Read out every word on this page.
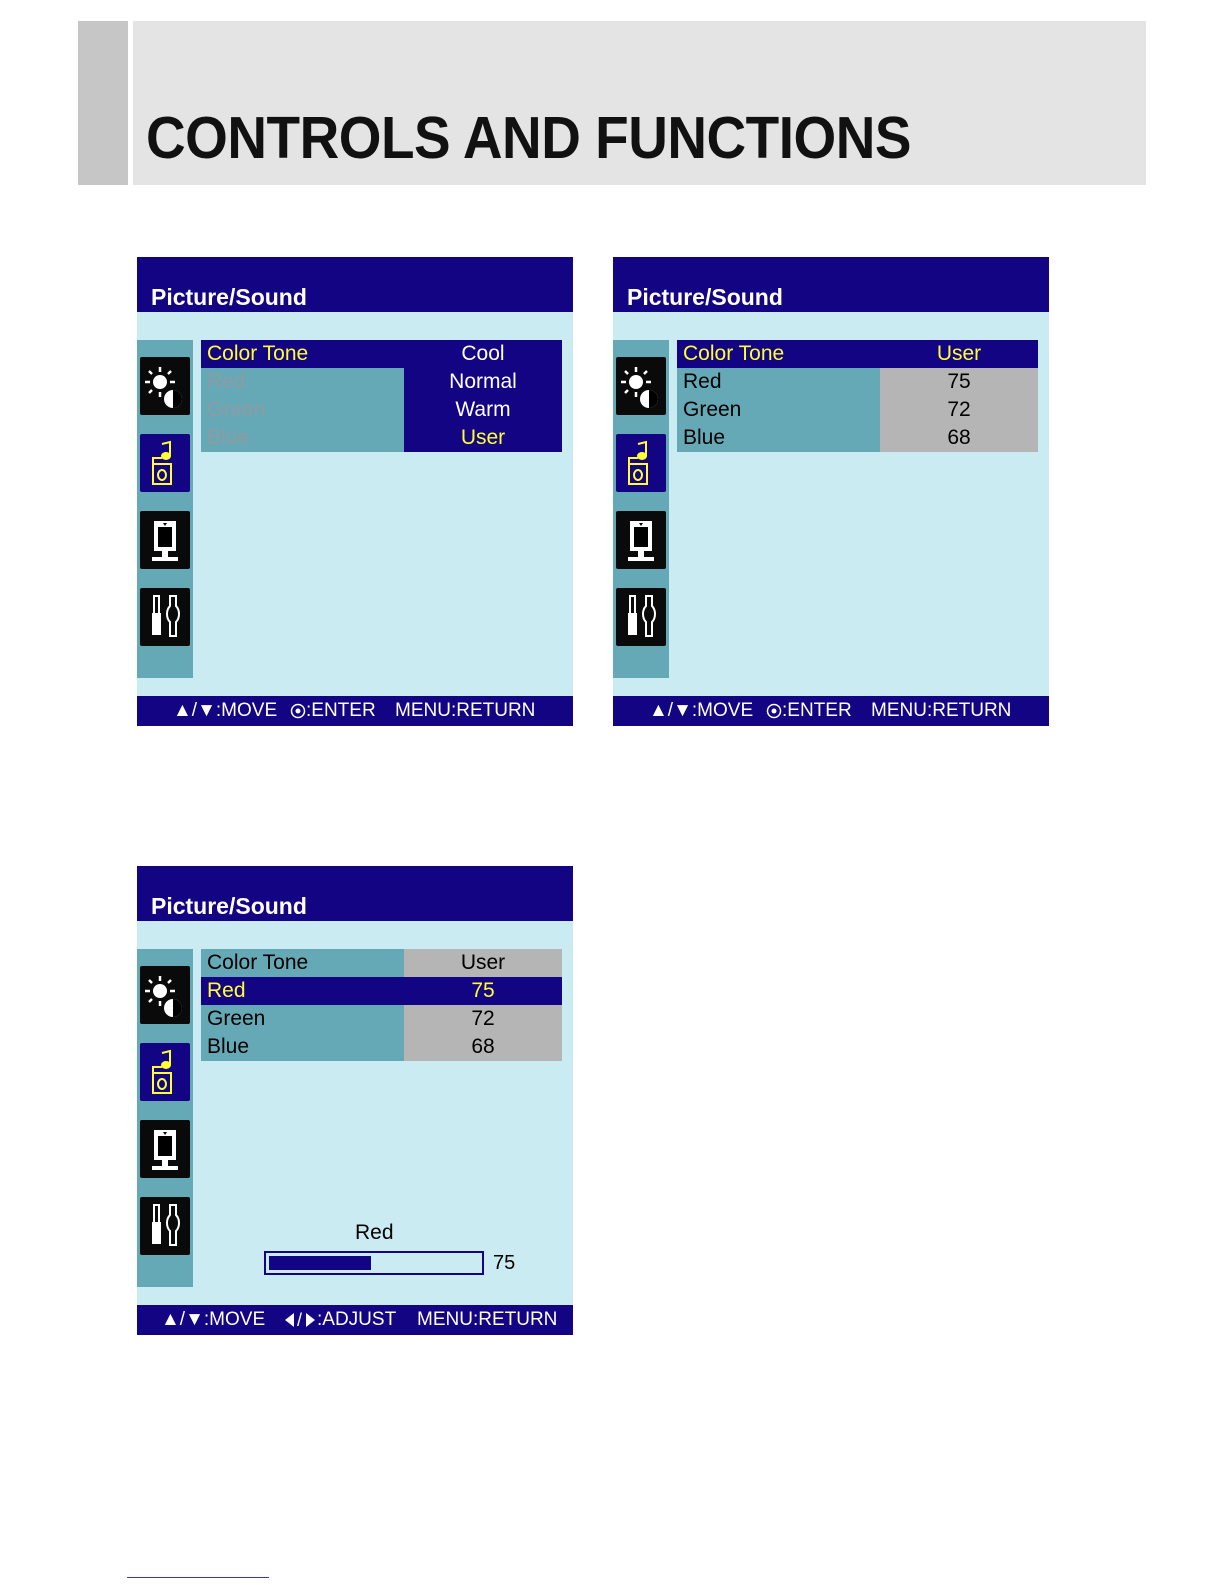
CONTROLS AND FUNCTIONS
Picture/Sound
Color Tone	Cool
Red	Normal
Green	Warm
Blue	User
▲/▼:MOVE :ENTER MENU:RETURN
Picture/Sound
Color Tone	User
Red	75
Green	72
Blue	68
▲/▼:MOVE :ENTER MENU:RETURN
Picture/Sound
Color Tone	User
Red	75
Green	72
Blue	68
Red
75
▲/▼:MOVE / :ADJUST MENU:RETURN
